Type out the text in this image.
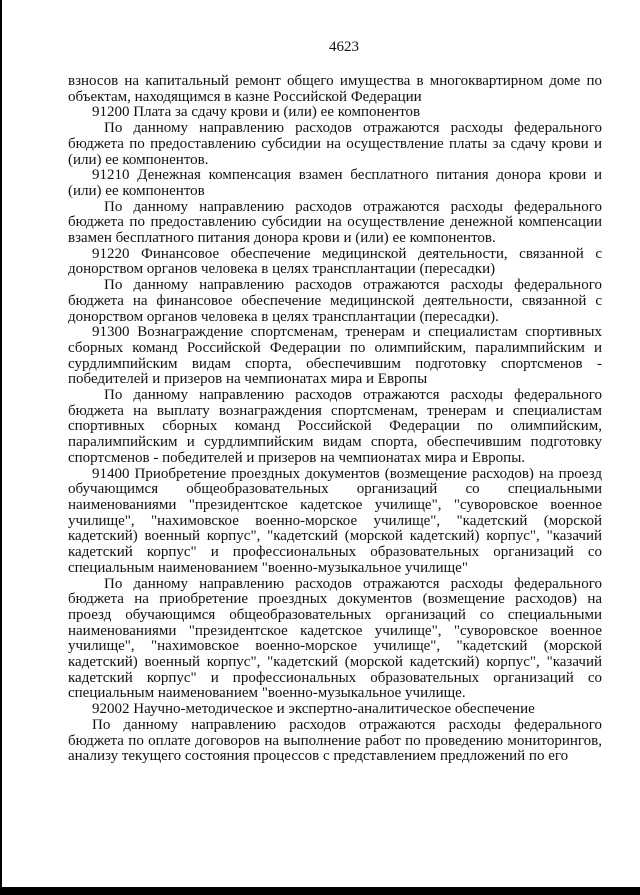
4623

взносов на капитальный ремонт общего имущества в многоквартирном доме по объектам, находящимся в казне Российской Федерации

91200 Плата за сдачу крови и (или) ее компонентов

По данному направлению расходов отражаются расходы федерального бюджета по предоставлению субсидии на осуществление платы за сдачу крови и (или) ее компонентов.

91210 Денежная компенсация взамен бесплатного питания донора крови и (или) ее компонентов

По данному направлению расходов отражаются расходы федерального бюджета по предоставлению субсидии на осуществление денежной компенсации взамен бесплатного питания донора крови и (или) ее компонентов.

91220 Финансовое обеспечение медицинской деятельности, связанной с донорством органов человека в целях трансплантации (пересадки)

По данному направлению расходов отражаются расходы федерального бюджета на финансовое обеспечение медицинской деятельности, связанной с донорством органов человека в целях трансплантации (пересадки).

91300 Вознаграждение спортсменам, тренерам и специалистам спортивных сборных команд Российской Федерации по олимпийским, паралимпийским и сурдлимпийским видам спорта, обеспечившим подготовку спортсменов - победителей и призеров на чемпионатах мира и Европы

По данному направлению расходов отражаются расходы федерального бюджета на выплату вознаграждения спортсменам, тренерам и специалистам спортивных сборных команд Российской Федерации по олимпийским, паралимпийским и сурдлимпийским видам спорта, обеспечившим подготовку спортсменов - победителей и призеров на чемпионатах мира и Европы.

91400 Приобретение проездных документов (возмещение расходов) на проезд обучающимся общеобразовательных организаций со специальными наименованиями "президентское кадетское училище", "суворовское военное училище", "нахимовское военно-морское училище", "кадетский (морской кадетский) военный корпус", "кадетский (морской кадетский) корпус", "казачий кадетский корпус" и профессиональных образовательных организаций со специальным наименованием "военно-музыкальное училище"

По данному направлению расходов отражаются расходы федерального бюджета на приобретение проездных документов (возмещение расходов) на проезд обучающимся общеобразовательных организаций со специальными наименованиями "президентское кадетское училище", "суворовское военное училище", "нахимовское военно-морское училище", "кадетский (морской кадетский) военный корпус", "кадетский (морской кадетский) корпус", "казачий кадетский корпус" и профессиональных образовательных организаций со специальным наименованием "военно-музыкальное училище.

92002 Научно-методическое и экспертно-аналитическое обеспечение

По данному направлению расходов отражаются расходы федерального бюджета по оплате договоров на выполнение работ по проведению мониторингов, анализу текущего состояния процессов с представлением предложений по его
